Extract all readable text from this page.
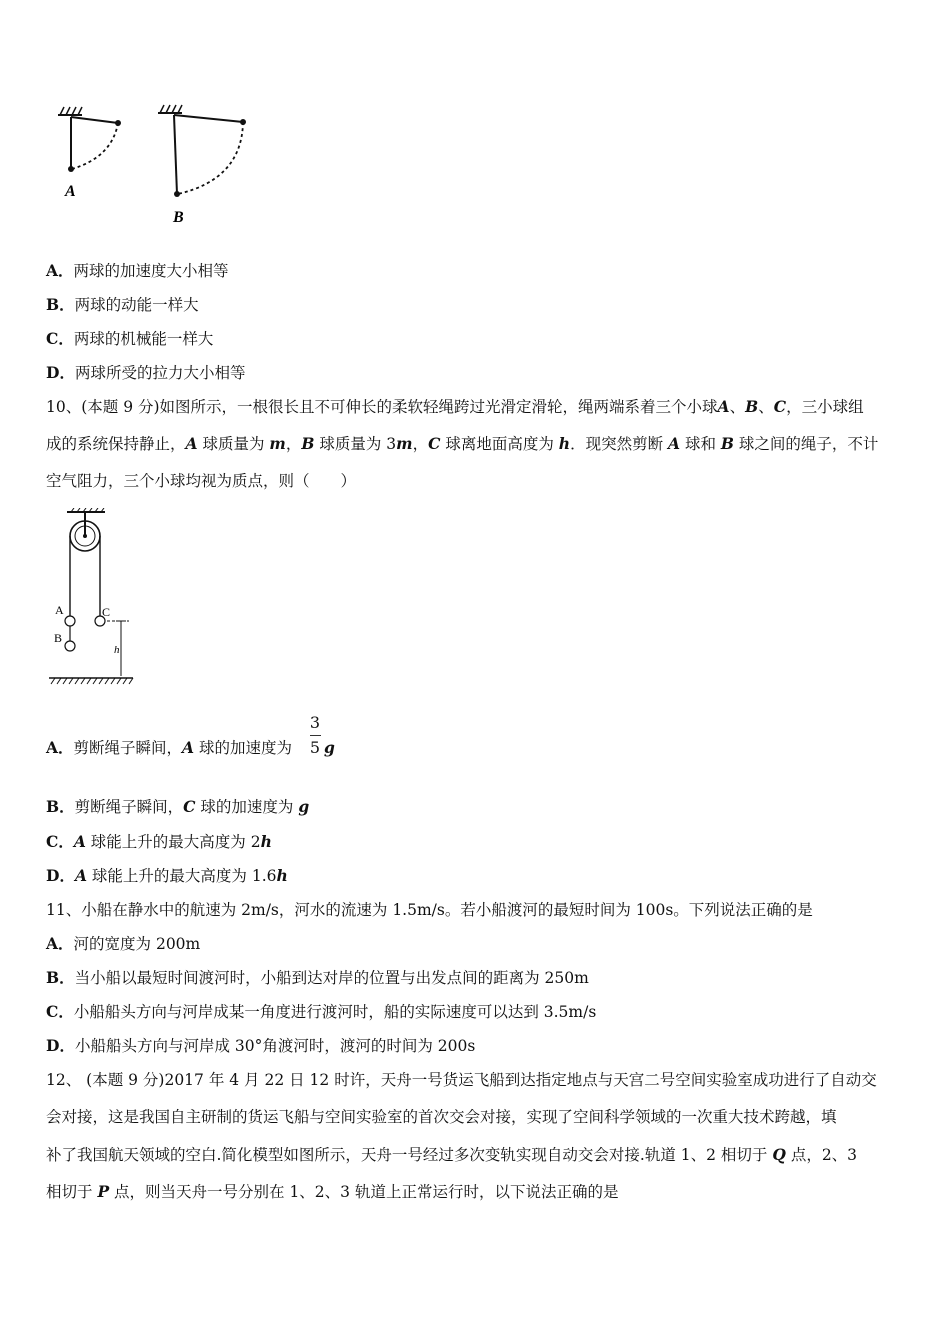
A
B
A．两球的加速度大小相等
B．两球的动能一样大
C．两球的机械能一样大
D．两球所受的拉力大小相等
10、(本题 9 分)如图所示，一根很长且不可伸长的柔软轻绳跨过光滑定滑轮，绳两端系着三个小球A、B、C，三小球组
成的系统保持静止，A 球质量为 m，B 球质量为 3m，C 球离地面高度为 h．现突然剪断 A 球和 B 球之间的绳子，不计
空气阻力，三个小球均视为质点，则（　　）
A
B
C
h
A．剪断绳子瞬间，A 球的加速度为
3
5 g
B．剪断绳子瞬间，C 球的加速度为 g
C．A 球能上升的最大高度为 2h
D．A 球能上升的最大高度为 1.6h
11、小船在静水中的航速为 2m/s，河水的流速为 1.5m/s。若小船渡河的最短时间为 100s。下列说法正确的是
A．河的宽度为 200m
B．当小船以最短时间渡河时，小船到达对岸的位置与出发点间的距离为 250m
C．小船船头方向与河岸成某一角度进行渡河时，船的实际速度可以达到 3.5m/s
D．小船船头方向与河岸成 30°角渡河时，渡河的时间为 200s
12、 (本题 9 分)2017 年 4 月 22 日 12 时许，天舟一号货运飞船到达指定地点与天宫二号空间实验室成功进行了自动交
会对接，这是我国自主研制的货运飞船与空间实验室的首次交会对接，实现了空间科学领域的一次重大技术跨越，填
补了我国航天领域的空白.简化模型如图所示，天舟一号经过多次变轨实现自动交会对接.轨道 1、2 相切于 Q 点，2、3
相切于 P 点，则当天舟一号分别在 1、2、3 轨道上正常运行时，以下说法正确的是
